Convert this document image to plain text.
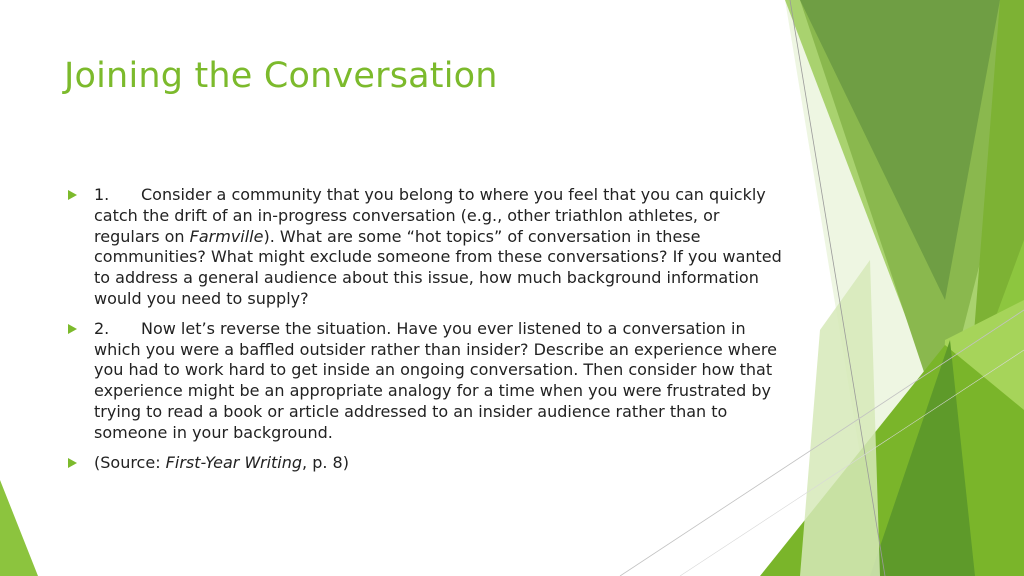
Joining the Conversation
1. Consider a community that you belong to where you feel that you can quickly catch the drift of an in-progress conversation (e.g., other triathlon athletes, or regulars on Farmville). What are some “hot topics” of conversation in these communities? What might exclude someone from these conversations? If you wanted to address a general audience about this issue, how much background information would you need to supply?
2. Now let’s reverse the situation. Have you ever listened to a conversation in which you were a baffled outsider rather than insider? Describe an experience where you had to work hard to get inside an ongoing conversation. Then consider how that experience might be an appropriate analogy for a time when you were frustrated by trying to read a book or article addressed to an insider audience rather than to someone in your background.
(Source: First-Year Writing, p. 8)
